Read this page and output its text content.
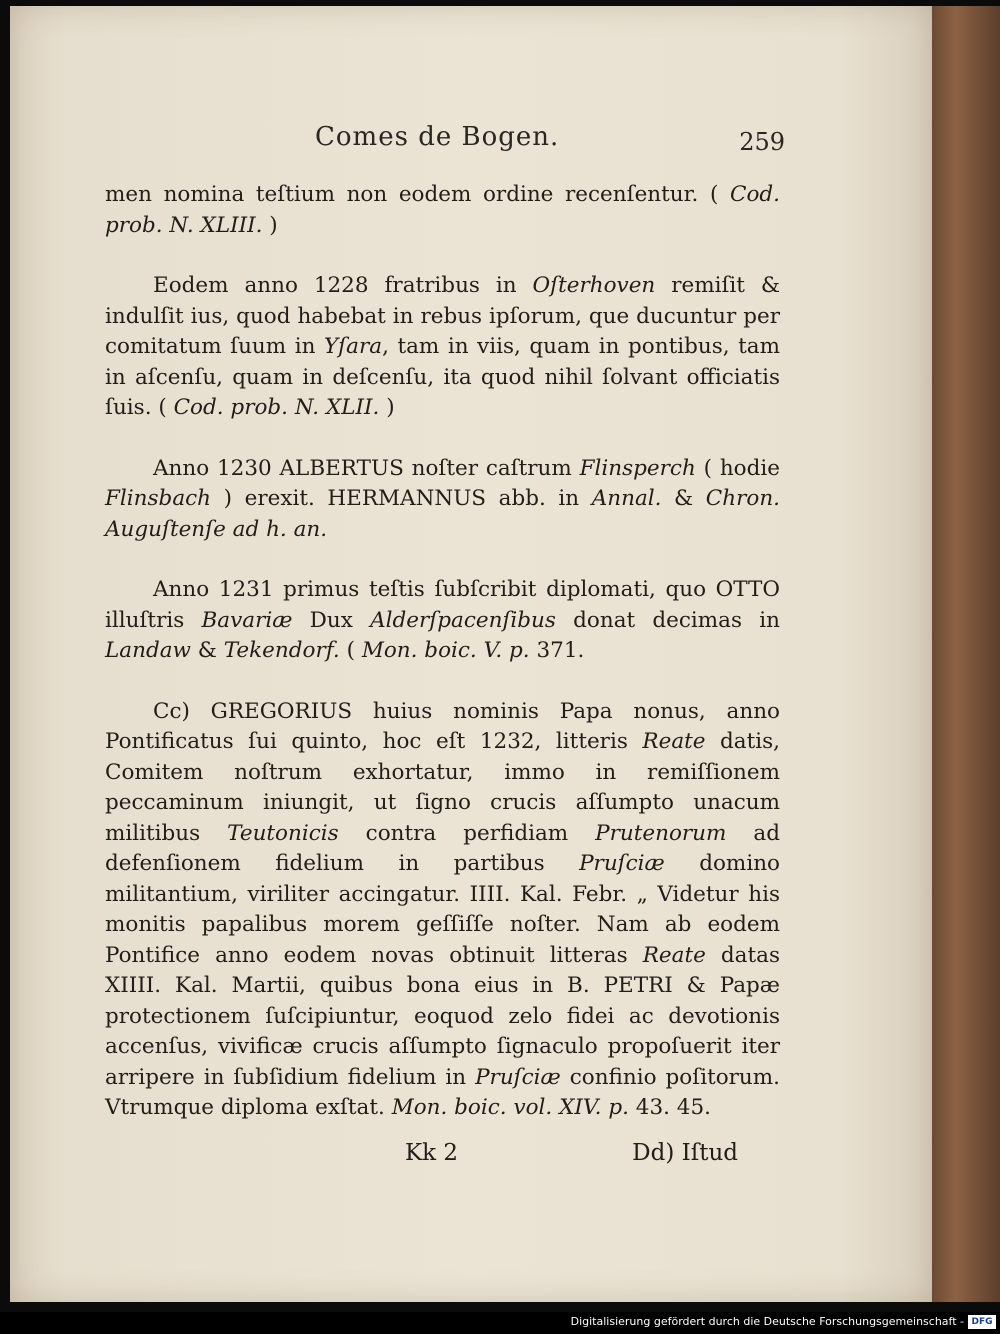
Comes de Bogen.	259

men nomina teſtium non eodem ordine recenſentur. ( Cod. prob. N. XLIII. )

Eodem anno 1228 fratribus in Oſterhoven remiſit & indulſit ius, quod habebat in rebus ipſorum, que ducuntur per comitatum ſuum in Yſara, tam in viis, quam in pontibus, tam in aſcenſu, quam in deſcenſu, ita quod nihil ſolvant officiatis ſuis. ( Cod. prob. N. XLII. )

Anno 1230 ALBERTUS noſter caſtrum Flinsperch ( hodie Flinsbach ) erexit. HERMANNUS abb. in Annal. & Chron. Auguſtenſe ad h. an.

Anno 1231 primus teſtis ſubſcribit diplomati, quo OTTO illuſtris Bavariæ Dux Alderſpacenſibus donat decimas in Landaw & Tekendorf. ( Mon. boic. V. p. 371.

Cc) GREGORIUS huius nominis Papa nonus, anno Pontificatus ſui quinto, hoc eſt 1232, litteris Reate datis, Comitem noſtrum exhortatur, immo in remiſſionem peccaminum iniungit, ut ſigno crucis aſſumpto unacum militibus Teutonicis contra perfidiam Prutenorum ad defenſionem fidelium in partibus Pruſciæ domino militantium, viriliter accingatur. IIII. Kal. Febr. „ Videtur his monitis papalibus morem geſſiſſe noſter. Nam ab eodem Pontifice anno eodem novas obtinuit litteras Reate datas XIIII. Kal. Martii, quibus bona eius in B. PETRI & Papæ protectionem ſuſcipiuntur, eoquod zelo fidei ac devotionis accenſus, vivificæ crucis aſſumpto ſignaculo propoſuerit iter arripere in ſubſidium fidelium in Pruſciæ confinio poſitorum. Vtrumque diploma exſtat. Mon. boic. vol. XIV. p. 43. 45.

Kk 2	Dd) Iſtud
Digitalisierung gefördert durch die Deutsche Forschungsgemeinschaft - DFG
